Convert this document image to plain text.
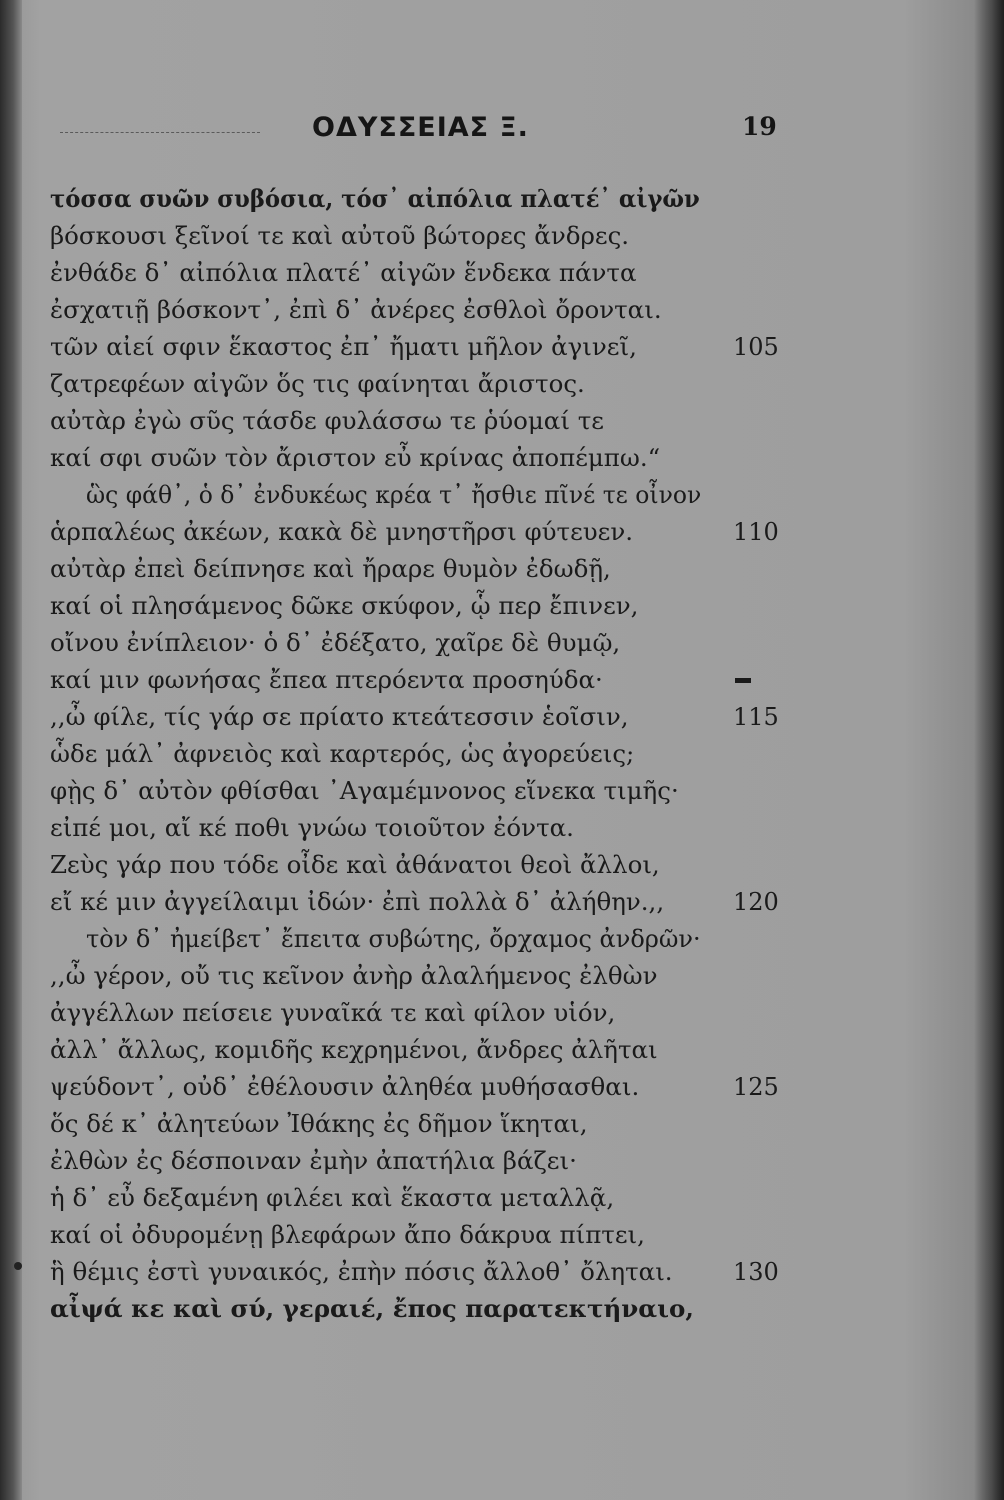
ΟΔΥΣΣΕΙΑΣ Ξ.	19
τόσσα συῶν συβόσια, τόσ᾽ αἰπόλια πλατέ᾽ αἰγῶν
βόσκουσι ξεῖνοί τε καὶ αὐτοῦ βώτορες ἄνδρες.
ἐνθάδε δ᾽ αἰπόλια πλατέ᾽ αἰγῶν ἕνδεκα πάντα
ἐσχατιῇ βόσκοντ᾽, ἐπὶ δ᾽ ἀνέρες ἐσθλοὶ ὄρονται.
τῶν αἰεί σφιν ἕκαστος ἐπ᾽ ἤματι μῆλον ἀγινεῖ,
ζατρεφέων αἰγῶν ὅς τις φαίνηται ἄριστος.
αὐτὰρ ἐγὼ σῦς τάσδε φυλάσσω τε ῥύομαί τε
καί σφι συῶν τὸν ἄριστον εὖ κρίνας ἀποπέμπω.“
ὣς φάθ᾽, ὁ δ᾽ ἐνδυκέως κρέα τ᾽ ἤσθιε πῖνέ τε οἶνον
ἁρπαλέως ἀκέων, κακὰ δὲ μνηστῆρσι φύτευεν.
αὐτὰρ ἐπεὶ δείπνησε καὶ ἤραρε θυμὸν ἐδωδῇ,
καί οἱ πλησάμενος δῶκε σκύφον, ᾧ περ ἔπινεν,
οἴνου ἐνίπλειον· ὁ δ᾽ ἐδέξατο, χαῖρε δὲ θυμῷ,
καί μιν φωνήσας ἔπεα πτερόεντα προσηύδα·
,,ὦ φίλε, τίς γάρ σε πρίατο κτεάτεσσιν ἑοῖσιν,
ὧδε μάλ᾽ ἀφνειὸς καὶ καρτερός, ὡς ἀγορεύεις;
φῂς δ᾽ αὐτὸν φθίσθαι ᾽Αγαμέμνονος εἵνεκα τιμῆς·
εἰπέ μοι, αἴ κέ ποθι γνώω τοιοῦτον ἐόντα.
Ζεὺς γάρ που τόδε οἶδε καὶ ἀθάνατοι θεοὶ ἄλλοι,
εἴ κέ μιν ἀγγείλαιμι ἰδών· ἐπὶ πολλὰ δ᾽ ἀλήθην.,,
τὸν δ᾽ ἠμείβετ᾽ ἔπειτα συβώτης, ὄρχαμος ἀνδρῶν·
,,ὦ γέρον, οὔ τις κεῖνον ἀνὴρ ἀλαλήμενος ἐλθὼν
ἀγγέλλων πείσειε γυναῖκά τε καὶ φίλον υἱόν,
ἀλλ᾽ ἄλλως, κομιδῆς κεχρημένοι, ἄνδρες ἀλῆται
ψεύδοντ᾽, οὐδ᾽ ἐθέλουσιν ἀληθέα μυθήσασθαι.
ὅς δέ κ᾽ ἀλητεύων Ἰθάκης ἐς δῆμον ἵκηται,
ἐλθὼν ἐς δέσποιναν ἐμὴν ἀπατήλια βάζει·
ἡ δ᾽ εὖ δεξαμένη φιλέει καὶ ἕκαστα μεταλλᾷ,
καί οἱ ὀδυρομένῃ βλεφάρων ἄπο δάκρυα πίπτει,
ἣ θέμις ἐστὶ γυναικός, ἐπὴν πόσις ἄλλοθ᾽ ὄληται.
αἶψά κε καὶ σύ, γεραιέ, ἔπος παρατεκτήναιο,
105
110
115
120
125
130
